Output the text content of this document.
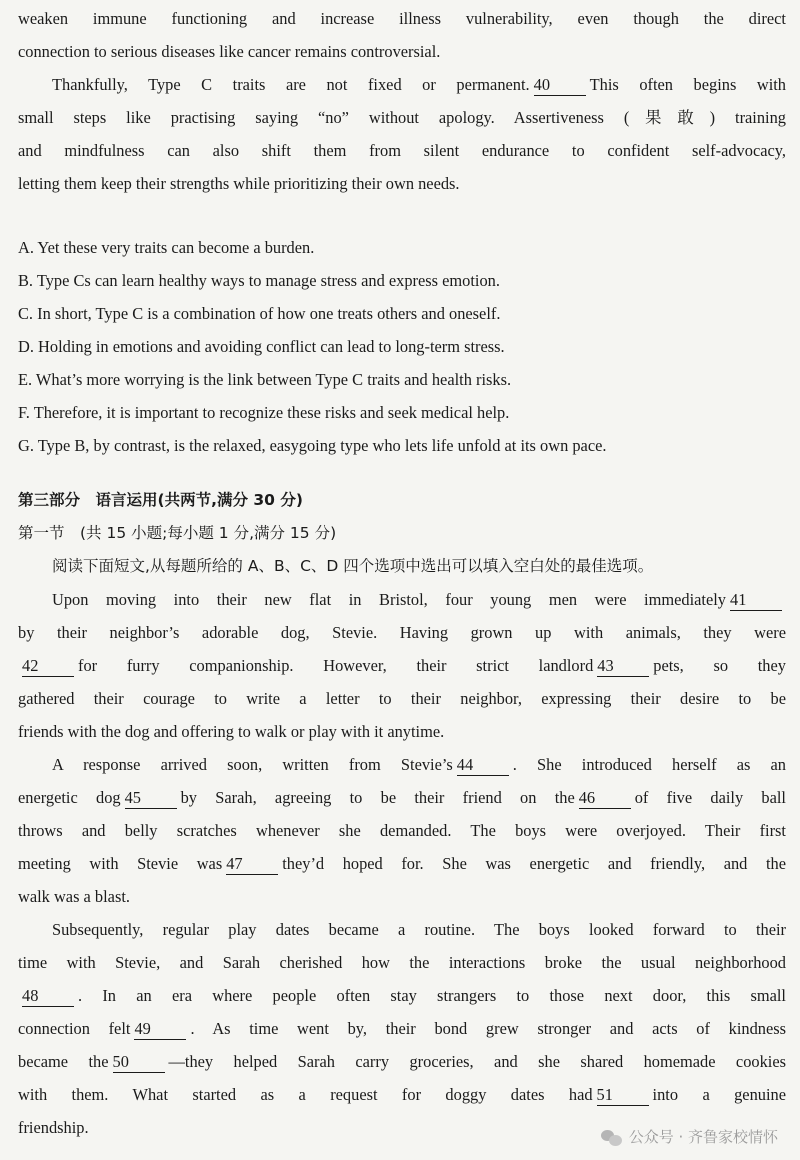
weaken immune functioning and increase illness vulnerability, even though the direct
connection to serious diseases like cancer remains controversial.
Thankfully, Type C traits are not fixed or permanent. 40 This often begins with
small steps like practising saying “no” without apology. Assertiveness (果敢) training
and mindfulness can also shift them from silent endurance to confident self-advocacy,
letting them keep their strengths while prioritizing their own needs.
A. Yet these very traits can become a burden.
B. Type Cs can learn healthy ways to manage stress and express emotion.
C. In short, Type C is a combination of how one treats others and oneself.
D. Holding in emotions and avoiding conflict can lead to long-term stress.
E. What’s more worrying is the link between Type C traits and health risks.
F. Therefore, it is important to recognize these risks and seek medical help.
G. Type B, by contrast, is the relaxed, easygoing type who lets life unfold at its own pace.
第三部分　语言运用(共两节,满分 30 分)
第一节　(共 15 小题;每小题 1 分,满分 15 分)
阅读下面短文,从每题所给的 A、B、C、D 四个选项中选出可以填入空白处的最佳选项。
Upon moving into their new flat in Bristol, four young men were immediately 41
by their neighbor’s adorable dog, Stevie. Having grown up with animals, they were
42 for furry companionship. However, their strict landlord 43 pets, so they
gathered their courage to write a letter to their neighbor, expressing their desire to be
friends with the dog and offering to walk or play with it anytime.
A response arrived soon, written from Stevie’s 44 . She introduced herself as an
energetic dog 45 by Sarah, agreeing to be their friend on the 46 of five daily ball
throws and belly scratches whenever she demanded. The boys were overjoyed. Their first
meeting with Stevie was 47 they’d hoped for. She was energetic and friendly, and the
walk was a blast.
Subsequently, regular play dates became a routine. The boys looked forward to their
time with Stevie, and Sarah cherished how the interactions broke the usual neighborhood
48 . In an era where people often stay strangers to those next door, this small
connection felt 49 . As time went by, their bond grew stronger and acts of kindness
became the 50 —they helped Sarah carry groceries, and she shared homemade cookies
with them. What started as a request for doggy dates had 51 into a genuine
friendship.	公众号 · 齐鲁家校情怀
